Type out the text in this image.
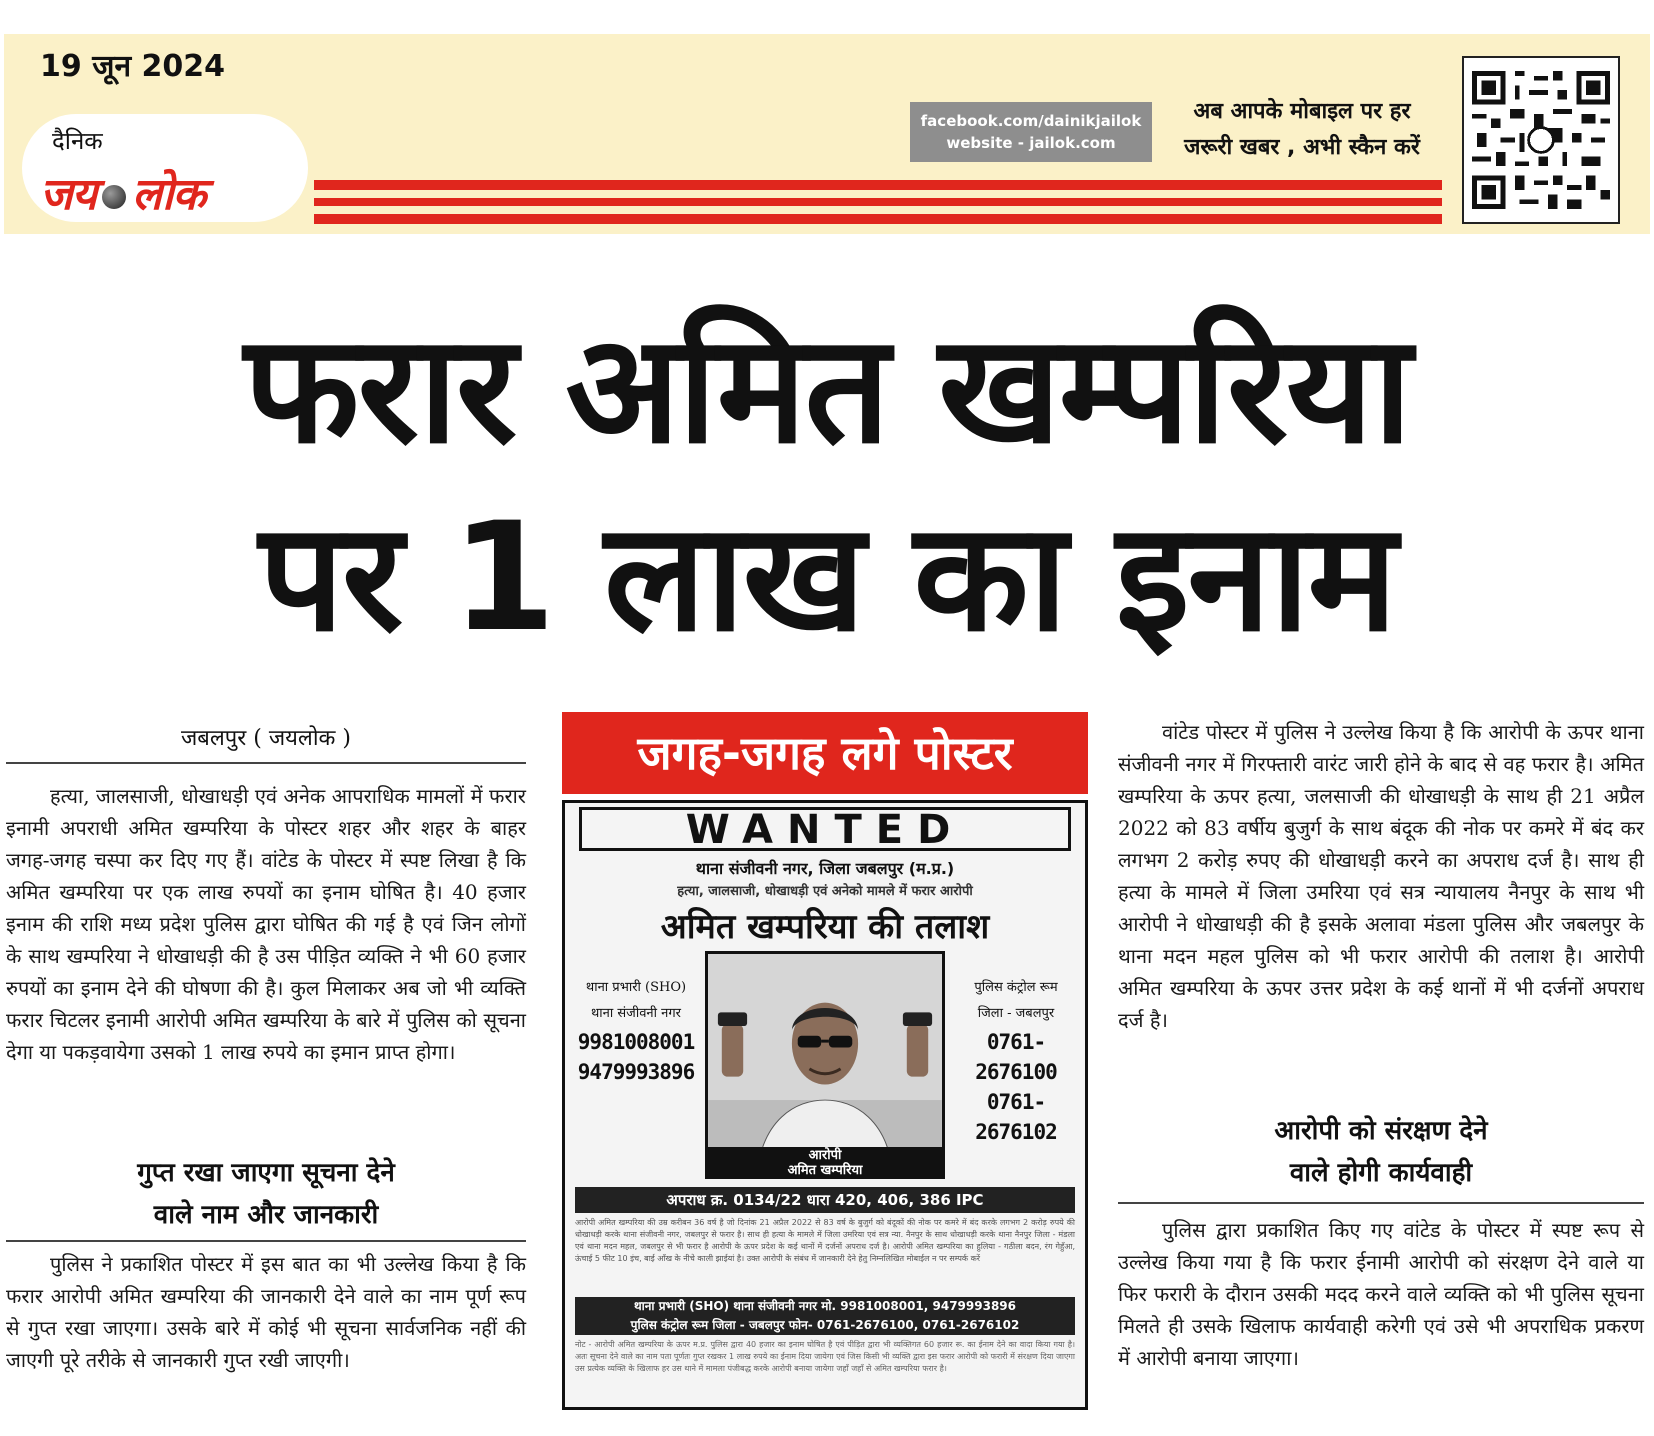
19 जून 2024
दैनिक
जय लोक
facebook.com/dainikjailok
website - jailok.com
अब आपके मोबाइल पर हर
जरूरी खबर , अभी स्कैन करें
फरार अमित खम्परिया
पर 1 लाख का इनाम
जबलपुर ( जयलोक )

हत्या, जालसाजी, धोखाधड़ी एवं अनेक आपराधिक मामलों में फरार इनामी अपराधी अमित खम्परिया के पोस्टर शहर और शहर के बाहर जगह-जगह चस्पा कर दिए गए हैं। वांटेड के पोस्टर में स्पष्ट लिखा है कि अमित खम्परिया पर एक लाख रुपयों का इनाम घोषित है। 40 हजार इनाम की राशि मध्य प्रदेश पुलिस द्वारा घोषित की गई है एवं जिन लोगों के साथ खम्परिया ने धोखाधड़ी की है उस पीड़ित व्यक्ति ने भी 60 हजार रुपयों का इनाम देने की घोषणा की है। कुल मिलाकर अब जो भी व्यक्ति फरार चिटलर इनामी आरोपी अमित खम्परिया के बारे में पुलिस को सूचना देगा या पकड़वायेगा उसको 1 लाख रुपये का इमान प्राप्त होगा।

गुप्त रखा जाएगा सूचना देने
वाले नाम और जानकारी

पुलिस ने प्रकाशित पोस्टर में इस बात का भी उल्लेख किया है कि फरार आरोपी अमित खम्परिया की जानकारी देने वाले का नाम पूर्ण रूप से गुप्त रखा जाएगा। उसके बारे में कोई भी सूचना सार्वजनिक नहीं की जाएगी पूरे तरीके से जानकारी गुप्त रखी जाएगी।

जगह-जगह लगे पोस्टर
WANTED
थाना संजीवनी नगर, जिला जबलपुर (म.प्र.)
हत्या, जालसाजी, धोखाधड़ी एवं अनेको मामले में फरार आरोपी
अमित खम्परिया की तलाश
थाना प्रभारी (SHO)
थाना संजीवनी नगर
9981008001
9479993896
आरोपी
अमित खम्परिया
पुलिस कंट्रोल रूम
जिला - जबलपुर
0761-2676100
0761-2676102
अपराध क्र. 0134/22 धारा 420, 406, 386 IPC
आरोपी अमित खम्परिया की उम्र करीबन 36 वर्ष है जो दिनांक 21 अप्रैल 2022 से 83 वर्ष के बुजुर्ग को बंदूकों की नोक पर कमरे में बंद करके लगभग 2 करोड़ रुपये की धोखाधड़ी करके थाना संजीवनी नगर, जबलपुर से फरार है। साथ ही हत्या के मामले में जिला उमरिया एवं सत्र न्या. नैनपुर के साथ धोखाधड़ी करके थाना नैनपुर जिला - मंडला एवं थाना मदन महल, जबलपुर से भी फरार है आरोपी के ऊपर प्रदेश के कई थानों में दर्जनों अपराध दर्ज है। आरोपी अमित खम्परिया का हुलिया - गठीला बदन, रंग गेहुँआ, ऊंचाई 5 फीट 10 इंच, बाई आँख के नीचे काली झाईयां है। उक्त आरोपी के संबंध में जानकारी देने हेतु निम्नलिखित मोबाईल न पर सम्पर्क करें
थाना प्रभारी (SHO) थाना संजीवनी नगर मो. 9981008001, 9479993896
पुलिस कंट्रोल रूम जिला - जबलपुर फोन- 0761-2676100, 0761-2676102
नोट - आरोपी अमित खम्परिया के ऊपर म.प्र. पुलिस द्वारा 40 हजार का इनाम घोषित है एवं पीड़ित द्वारा भी व्यक्तिगत 60 हजार रू. का ईनाम देने का वादा किया गया है। अतः सूचना देने वाले का नाम पता पूर्णतः गुप्त रखकर 1 लाख रुपये का ईनाम दिया जायेगा एवं जिस किसी भी व्यक्ति द्वारा इस फरार आरोपी को फरारी में संरक्षण दिया जाएगा उस प्रत्येक व्यक्ति के खिलाफ हर उस थाने में मामला पंजीबद्ध करके आरोपी बनाया जायेगा जहाँ जहाँ से अमित खम्परिया फरार है।

वांटेड पोस्टर में पुलिस ने उल्लेख किया है कि आरोपी के ऊपर थाना संजीवनी नगर में गिरफ्तारी वारंट जारी होने के बाद से वह फरार है। अमित खम्परिया के ऊपर हत्या, जलसाजी की धोखाधड़ी के साथ ही 21 अप्रैल 2022 को 83 वर्षीय बुजुर्ग के साथ बंदूक की नोक पर कमरे में बंद कर लगभग 2 करोड़ रुपए की धोखाधड़ी करने का अपराध दर्ज है। साथ ही हत्या के मामले में जिला उमरिया एवं सत्र न्यायालय नैनपुर के साथ भी आरोपी ने धोखाधड़ी की है इसके अलावा मंडला पुलिस और जबलपुर के थाना मदन महल पुलिस को भी फरार आरोपी की तलाश है। आरोपी अमित खम्परिया के ऊपर उत्तर प्रदेश के कई थानों में भी दर्जनों अपराध दर्ज है।

आरोपी को संरक्षण देने
वाले होगी कार्यवाही

पुलिस द्वारा प्रकाशित किए गए वांटेड के पोस्टर में स्पष्ट रूप से उल्लेख किया गया है कि फरार ईनामी आरोपी को संरक्षण देने वाले या फिर फरारी के दौरान उसकी मदद करने वाले व्यक्ति को भी पुलिस सूचना मिलते ही उसके खिलाफ कार्यवाही करेगी एवं उसे भी अपराधिक प्रकरण में आरोपी बनाया जाएगा।
